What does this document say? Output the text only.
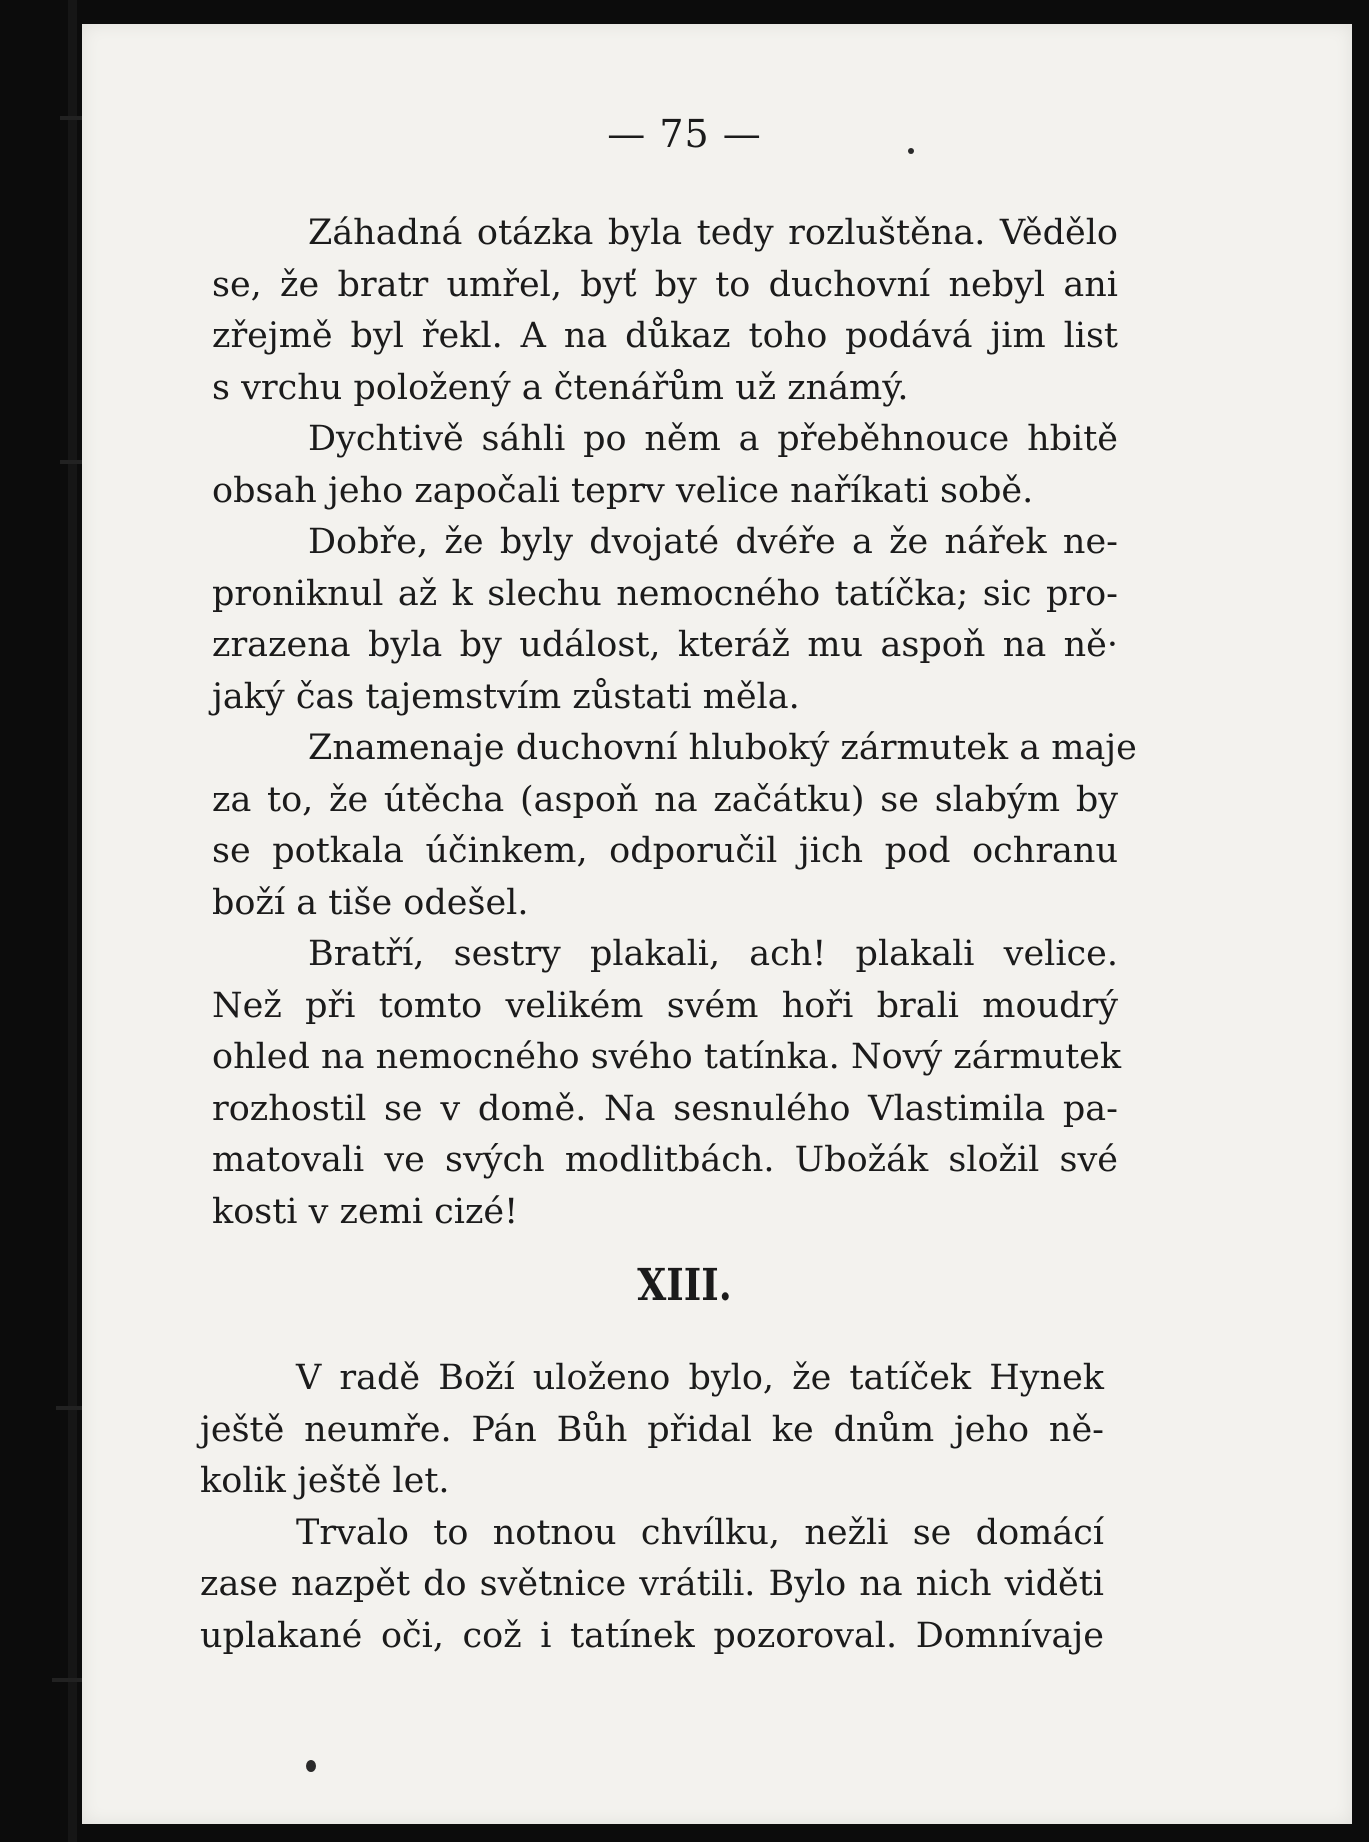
— 75 —
Záhadná otázka byla tedy rozluštěna. Vědělo
se, že bratr umřel, byť by to duchovní nebyl ani
zřejmě byl řekl. A na důkaz toho podává jim list
s vrchu položený a čtenářům už známý.
Dychtivě sáhli po něm a přeběhnouce hbitě
obsah jeho započali teprv velice naříkati sobě.
Dobře, že byly dvojaté dvéře a že nářek ne-
proniknul až k slechu nemocného tatíčka; sic pro-
zrazena byla by událost, kteráž mu aspoň na ně·
jaký čas tajemstvím zůstati měla.
Znamenaje duchovní hluboký zármutek a maje
za to, že útěcha (aspoň na začátku) se slabým by
se potkala účinkem, odporučil jich pod ochranu
boží a tiše odešel.
Bratří, sestry plakali, ach! plakali velice.
Než při tomto velikém svém hoři brali moudrý
ohled na nemocného svého tatínka. Nový zármutek
rozhostil se v domě. Na sesnulého Vlastimila pa-
matovali ve svých modlitbách. Ubožák složil své
kosti v zemi cizé!
XIII.
V radě Boží uloženo bylo, že tatíček Hynek
ještě neumře. Pán Bůh přidal ke dnům jeho ně-
kolik ještě let.
Trvalo to notnou chvílku, nežli se domácí
zase nazpět do světnice vrátili. Bylo na nich viděti
uplakané oči, což i tatínek pozoroval. Domnívaje
